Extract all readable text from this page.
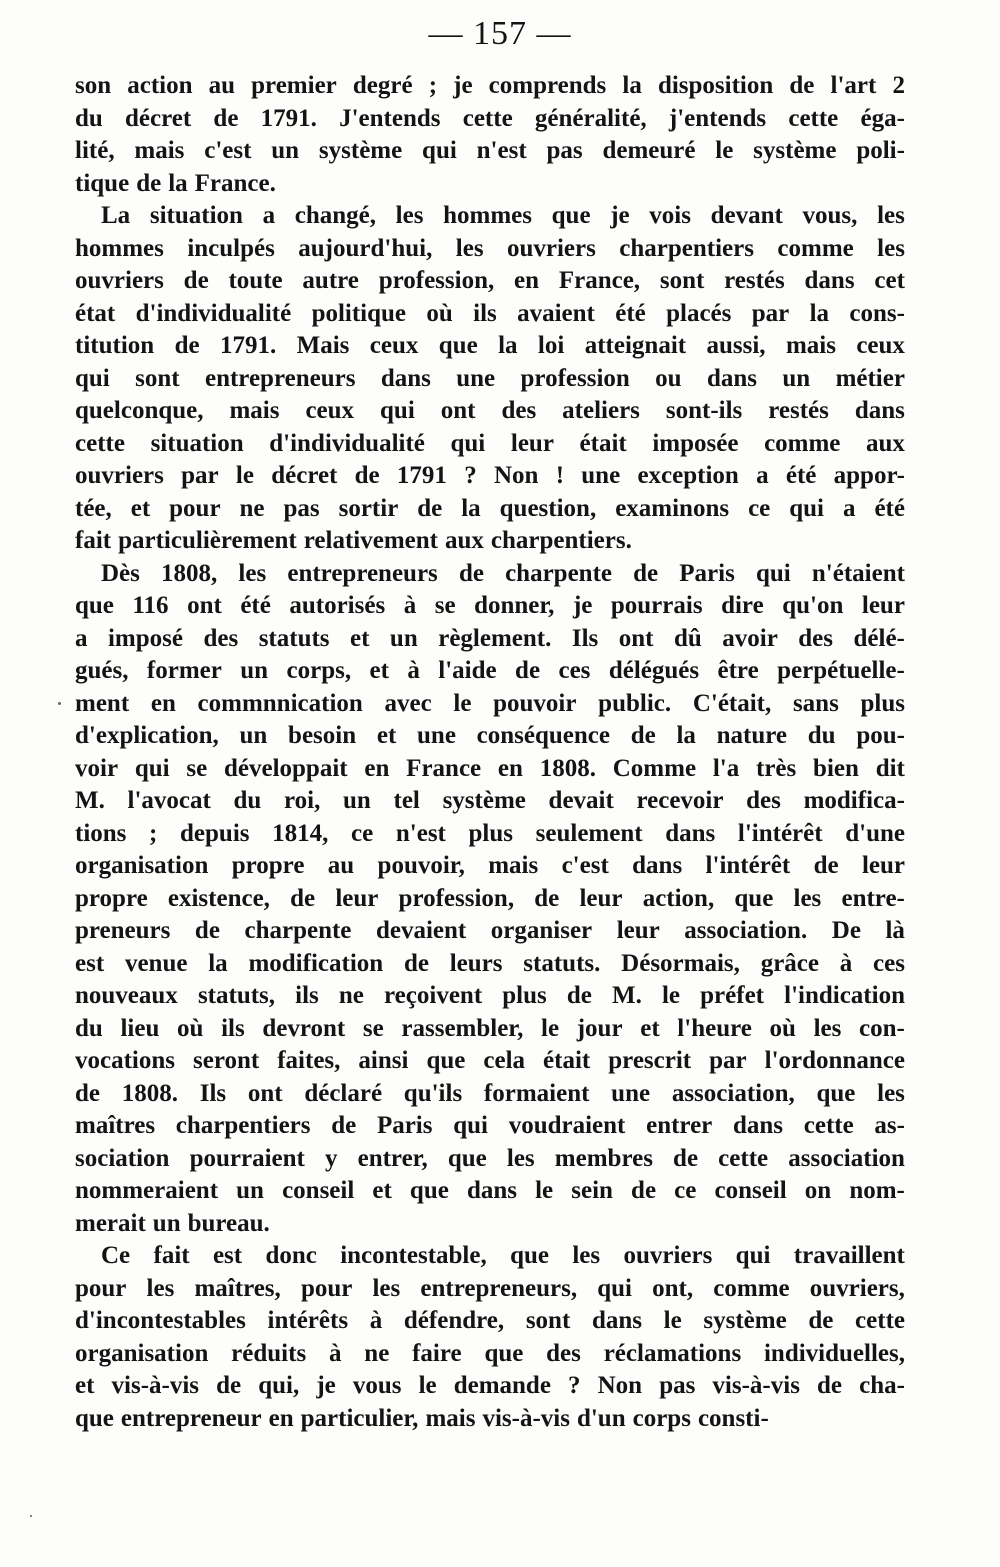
— 157 —
son action au premier degré ; je comprends la disposition de l'art 2
du décret de 1791. J'entends cette généralité, j'entends cette éga-
lité, mais c'est un système qui n'est pas demeuré le système poli-
tique de la France.
La situation a changé, les hommes que je vois devant vous, les
hommes inculpés aujourd'hui, les ouvriers charpentiers comme les
ouvriers de toute autre profession, en France, sont restés dans cet
état d'individualité politique où ils avaient été placés par la cons-
titution de 1791. Mais ceux que la loi atteignait aussi, mais ceux
qui sont entrepreneurs dans une profession ou dans un métier
quelconque, mais ceux qui ont des ateliers sont-ils restés dans
cette situation d'individualité qui leur était imposée comme aux
ouvriers par le décret de 1791 ? Non ! une exception a été appor-
tée, et pour ne pas sortir de la question, examinons ce qui a été
fait particulièrement relativement aux charpentiers.
Dès 1808, les entrepreneurs de charpente de Paris qui n'étaient
que 116 ont été autorisés à se donner, je pourrais dire qu'on leur
a imposé des statuts et un règlement. Ils ont dû avoir des délé-
gués, former un corps, et à l'aide de ces délégués être perpétuelle-
ment en commnnication avec le pouvoir public. C'était, sans plus
d'explication, un besoin et une conséquence de la nature du pou-
voir qui se développait en France en 1808. Comme l'a très bien dit
M. l'avocat du roi, un tel système devait recevoir des modifica-
tions ; depuis 1814, ce n'est plus seulement dans l'intérêt d'une
organisation propre au pouvoir, mais c'est dans l'intérêt de leur
propre existence, de leur profession, de leur action, que les entre-
preneurs de charpente devaient organiser leur association. De là
est venue la modification de leurs statuts. Désormais, grâce à ces
nouveaux statuts, ils ne reçoivent plus de M. le préfet l'indication
du lieu où ils devront se rassembler, le jour et l'heure où les con-
vocations seront faites, ainsi que cela était prescrit par l'ordonnance
de 1808. Ils ont déclaré qu'ils formaient une association, que les
maîtres charpentiers de Paris qui voudraient entrer dans cette as-
sociation pourraient y entrer, que les membres de cette association
nommeraient un conseil et que dans le sein de ce conseil on nom-
merait un bureau.
Ce fait est donc incontestable, que les ouvriers qui travaillent
pour les maîtres, pour les entrepreneurs, qui ont, comme ouvriers,
d'incontestables intérêts à défendre, sont dans le système de cette
organisation réduits à ne faire que des réclamations individuelles,
et vis-à-vis de qui, je vous le demande ? Non pas vis-à-vis de cha-
que entrepreneur en particulier, mais vis-à-vis d'un corps consti-
